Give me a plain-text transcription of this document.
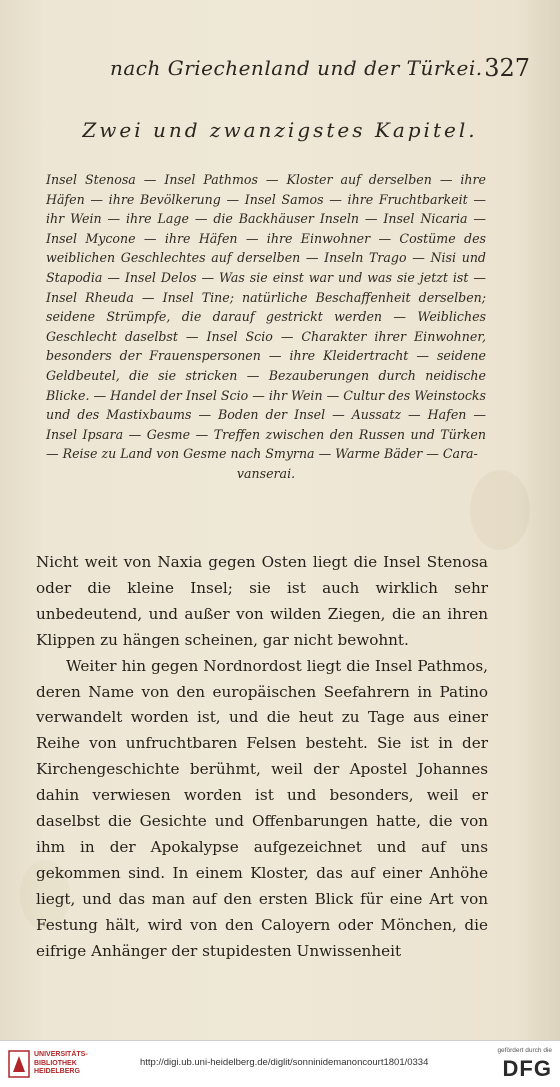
nach Griechenland und der Türkei. 327
Zwei und zwanzigstes Kapitel.
Insel Stenosa — Insel Pathmos — Kloster auf derselben — ihre Häfen — ihre Bevölkerung — Insel Samos — ihre Fruchtbarkeit — ihr Wein — ihre Lage — die Backhäuser Inseln — Insel Nicaria — Insel Mycone — ihre Häfen — ihre Einwohner — Costüme des weiblichen Geschlechtes auf derselben — Inseln Trago — Nisi und Stapodia — Insel Delos — Was sie einst war und was sie jetzt ist — Insel Rheuda — Insel Tine; natürliche Beschaffenheit derselben; seidene Strümpfe, die darauf gestrickt werden — Weibliches Geschlecht daselbst — Insel Scio — Charakter ihrer Einwohner, besonders der Frauenspersonen — ihre Kleidertracht — seidene Geldbeutel, die sie stricken — Bezauberungen durch neidische Blicke. — Handel der Insel Scio — ihr Wein — Cultur des Weinstocks und des Mastixbaums — Boden der Insel — Aussatz — Hafen — Insel Ipsara — Gesme — Treffen zwischen den Russen und Türken — Reise zu Land von Gesme nach Smyrna — Warme Bäder — Cara-
vanserai.

Nicht weit von Naxia gegen Osten liegt die Insel Stenosa oder die kleine Insel; sie ist auch wirklich sehr unbedeutend, und außer von wilden Ziegen, die an ihren Klippen zu hängen scheinen, gar nicht bewohnt.

Weiter hin gegen Nordnordost liegt die Insel Pathmos, deren Name von den europäischen Seefahrern in Patino verwandelt worden ist, und die heut zu Tage aus einer Reihe von unfruchtbaren Felsen besteht. Sie ist in der Kirchengeschichte berühmt, weil der Apostel Johannes dahin verwiesen worden ist und besonders, weil er daselbst die Gesichte und Offenbarungen hatte, die von ihm in der Apokalypse aufgezeichnet und auf uns gekommen sind. In einem Kloster, das auf einer Anhöhe liegt, und das man auf den ersten Blick für eine Art von Festung hält, wird von den Caloyern oder Mönchen, die eifrige Anhänger der stupidesten Unwissenheit

UNIVERSITÄTS-
BIBLIOTHEK
HEIDELBERG
http://digi.ub.uni-heidelberg.de/diglit/sonninidemanoncourt1801/0334
gefördert durch die
DFG
